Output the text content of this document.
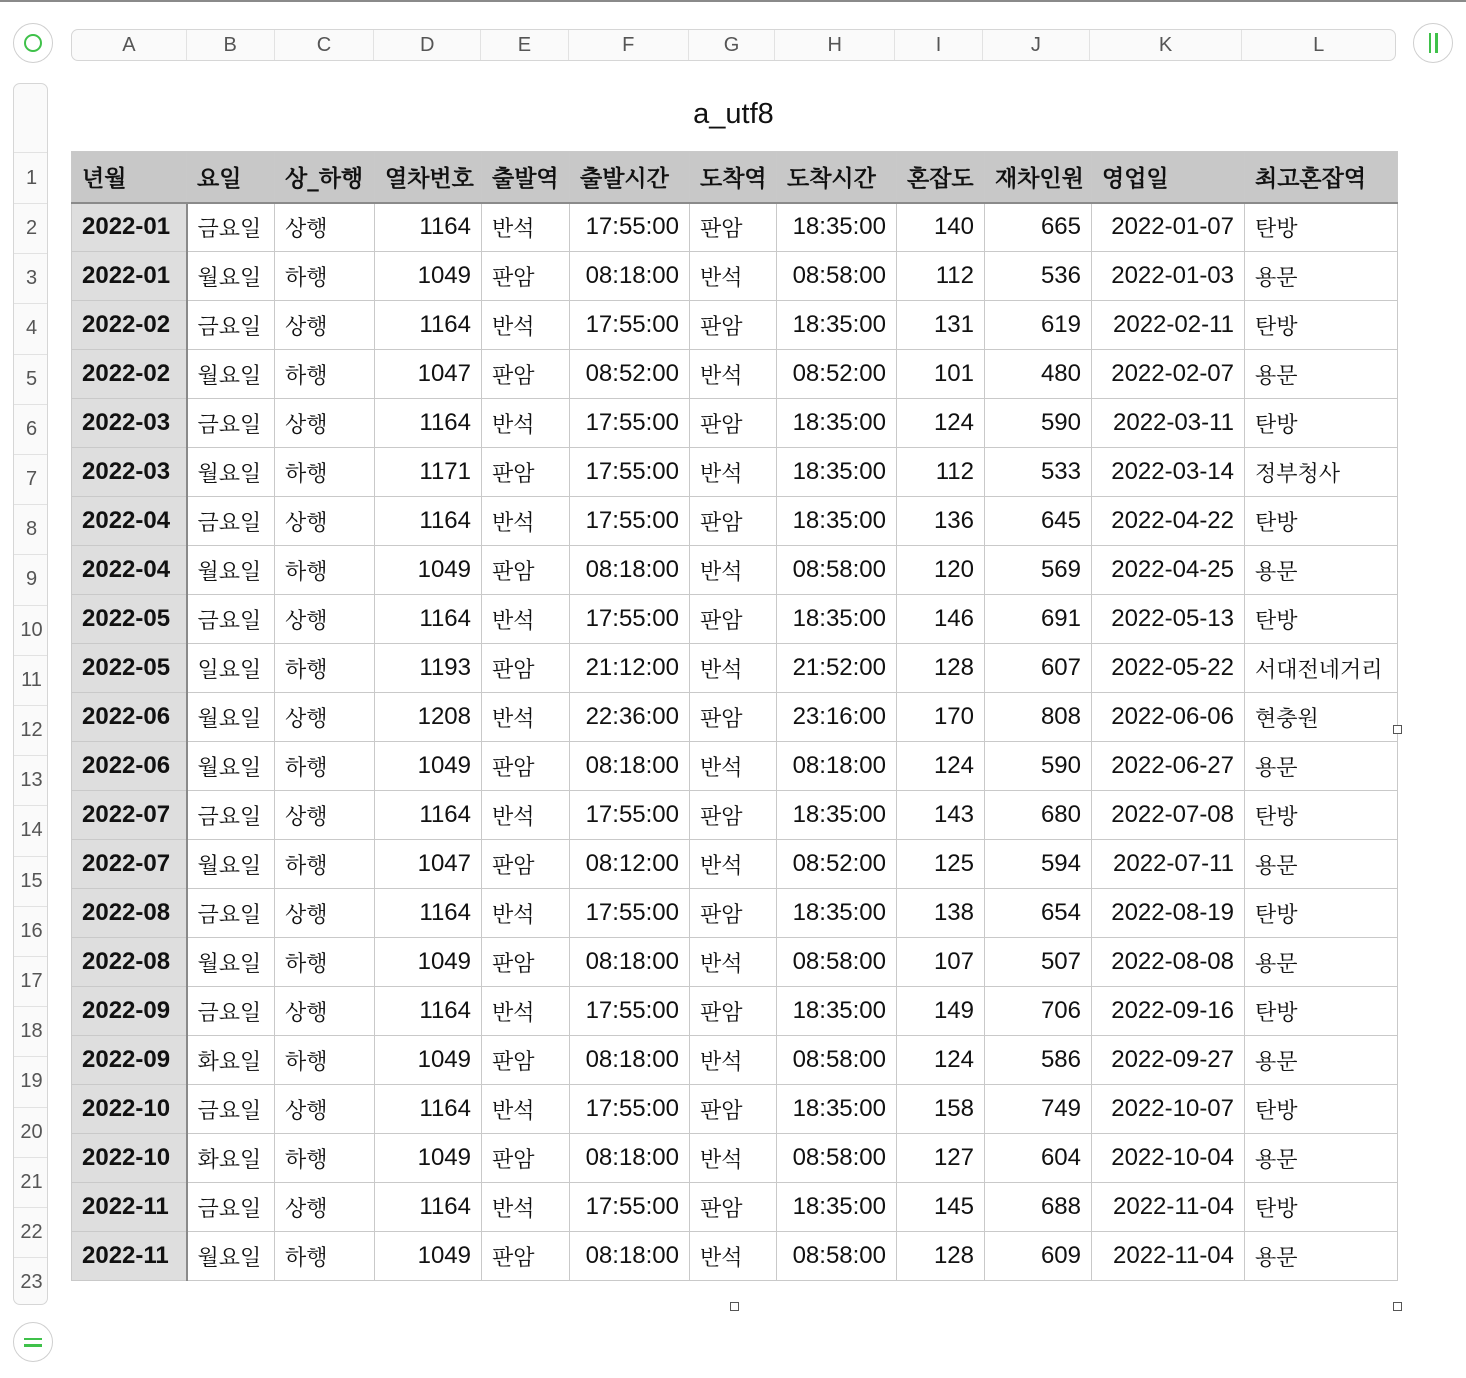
A	B	C	D	E	F	G	H	I	J	K	L
1
2
3
4
5
6
7
8
9
10
11
12
13
14
15
16
17
18
19
20
21
22
23
a_utf8
년월	요일	상_하행	열차번호	출발역	출발시간	도착역	도착시간	혼잡도	재차인원	영업일	최고혼잡역
2022-01	금요일	상행	1164	반석	17:55:00	판암	18:35:00	140	665	2022-01-07	탄방
2022-01	월요일	하행	1049	판암	08:18:00	반석	08:58:00	112	536	2022-01-03	용문
2022-02	금요일	상행	1164	반석	17:55:00	판암	18:35:00	131	619	2022-02-11	탄방
2022-02	월요일	하행	1047	판암	08:52:00	반석	08:52:00	101	480	2022-02-07	용문
2022-03	금요일	상행	1164	반석	17:55:00	판암	18:35:00	124	590	2022-03-11	탄방
2022-03	월요일	하행	1171	판암	17:55:00	반석	18:35:00	112	533	2022-03-14	정부청사
2022-04	금요일	상행	1164	반석	17:55:00	판암	18:35:00	136	645	2022-04-22	탄방
2022-04	월요일	하행	1049	판암	08:18:00	반석	08:58:00	120	569	2022-04-25	용문
2022-05	금요일	상행	1164	반석	17:55:00	판암	18:35:00	146	691	2022-05-13	탄방
2022-05	일요일	하행	1193	판암	21:12:00	반석	21:52:00	128	607	2022-05-22	서대전네거리
2022-06	월요일	상행	1208	반석	22:36:00	판암	23:16:00	170	808	2022-06-06	현충원
2022-06	월요일	하행	1049	판암	08:18:00	반석	08:18:00	124	590	2022-06-27	용문
2022-07	금요일	상행	1164	반석	17:55:00	판암	18:35:00	143	680	2022-07-08	탄방
2022-07	월요일	하행	1047	판암	08:12:00	반석	08:52:00	125	594	2022-07-11	용문
2022-08	금요일	상행	1164	반석	17:55:00	판암	18:35:00	138	654	2022-08-19	탄방
2022-08	월요일	하행	1049	판암	08:18:00	반석	08:58:00	107	507	2022-08-08	용문
2022-09	금요일	상행	1164	반석	17:55:00	판암	18:35:00	149	706	2022-09-16	탄방
2022-09	화요일	하행	1049	판암	08:18:00	반석	08:58:00	124	586	2022-09-27	용문
2022-10	금요일	상행	1164	반석	17:55:00	판암	18:35:00	158	749	2022-10-07	탄방
2022-10	화요일	하행	1049	판암	08:18:00	반석	08:58:00	127	604	2022-10-04	용문
2022-11	금요일	상행	1164	반석	17:55:00	판암	18:35:00	145	688	2022-11-04	탄방
2022-11	월요일	하행	1049	판암	08:18:00	반석	08:58:00	128	609	2022-11-04	용문
